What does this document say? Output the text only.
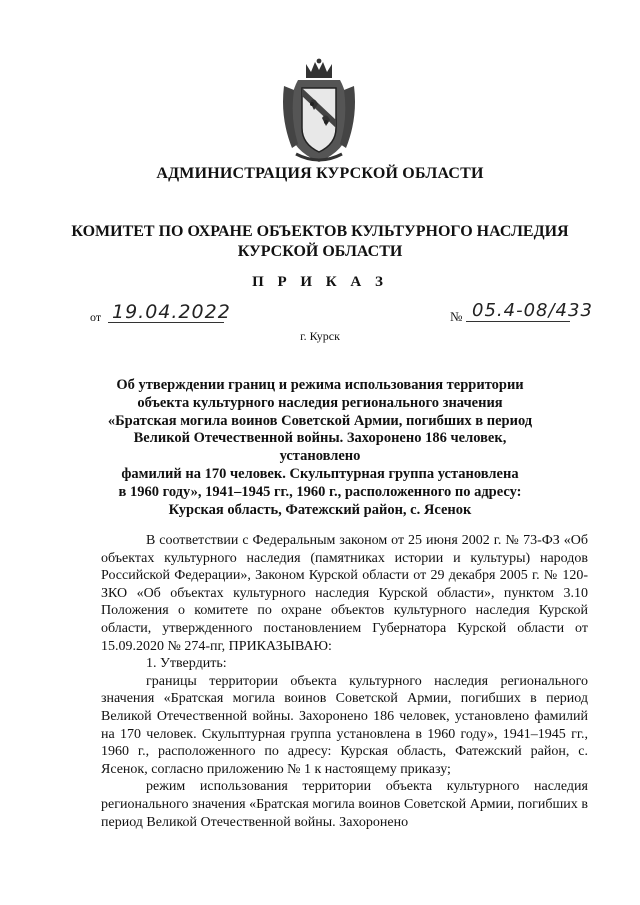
АДМИНИСТРАЦИЯ КУРСКОЙ ОБЛАСТИ
КОМИТЕТ ПО ОХРАНЕ ОБЪЕКТОВ КУЛЬТУРНОГО НАСЛЕДИЯ
КУРСКОЙ ОБЛАСТИ
П Р И К А З
от 19.04.2022	№ 05.4-08/433
г. Курск
Об утверждении границ и режима использования территории
объекта культурного наследия регионального значения
«Братская могила воинов Советской Армии, погибших в период
Великой Отечественной войны. Захоронено 186 человек, установлено
фамилий на 170 человек. Скульптурная группа установлена
в 1960 году», 1941–1945 гг., 1960 г., расположенного по адресу:
Курская область, Фатежский район, с. Ясенок

В соответствии с Федеральным законом от 25 июня 2002 г. № 73-ФЗ «Об объектах культурного наследия (памятниках истории и культуры) народов Российской Федерации», Законом Курской области от 29 декабря 2005 г. № 120-ЗКО «Об объектах культурного наследия Курской области», пунктом 3.10 Положения о комитете по охране объектов культурного наследия Курской области, утвержденного постановлением Губернатора Курской области от 15.09.2020 № 274-пг, ПРИКАЗЫВАЮ:

1. Утвердить:

границы территории объекта культурного наследия регионального значения «Братская могила воинов Советской Армии, погибших в период Великой Отечественной войны. Захоронено 186 человек, установлено фамилий на 170 человек. Скульптурная группа установлена в 1960 году», 1941–1945 гг., 1960 г., расположенного по адресу: Курская область, Фатежский район, с. Ясенок, согласно приложению № 1 к настоящему приказу;

режим использования территории объекта культурного наследия регионального значения «Братская могила воинов Советской Армии, погибших в период Великой Отечественной войны. Захоронено
